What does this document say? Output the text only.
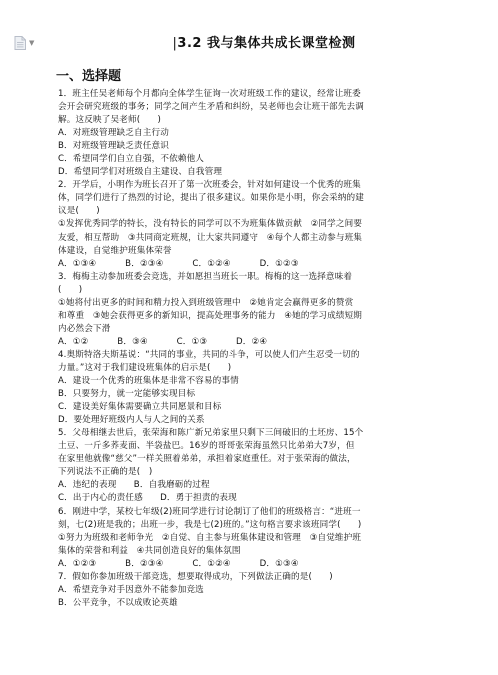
▼	|3.2 我与集体共成长课堂检测
一、选择题
1．班主任吴老师每个月都向全体学生征询一次对班级工作的建议，经常让班委
会开会研究班级的事务；同学之间产生矛盾和纠纷，吴老师也会让班干部先去调
解。这反映了吴老师(      )
A．对班级管理缺乏自主行动
B．对班级管理缺乏责任意识
C．希望同学们自立自强，不依赖他人
D．希望同学们对班级自主建设、自我管理
2．开学后，小明作为班长召开了第一次班委会，针对如何建设一个优秀的班集
体，同学们进行了热烈的讨论，提出了很多建议。如果你是小明，你会采纳的建
议是(      )
①发挥优秀同学的特长，没有特长的同学可以不为班集体做贡献   ②同学之间要
友爱，相互帮助   ③共同商定班规，让大家共同遵守   ④每个人都主动参与班集
体建设，自觉维护班集体荣誉
A．①③④          B．②③④          C．①②④          D．①②③
3．梅梅主动参加班委会竞选，并如愿担当班长一职。梅梅的这一选择意味着
(      )
①她将付出更多的时间和精力投入到班级管理中   ②她肯定会赢得更多的赞赏
和尊重   ③她会获得更多的新知识，提高处理事务的能力   ④她的学习成绩短期
内必然会下滑
A．①②          B．③④          C．①③          D．②④
4.奥斯特洛夫斯基说：“共同的事业，共同的斗争，可以使人们产生忍受一切的
力量。”这对于我们建设班集体的启示是(      )
A．建设一个优秀的班集体是非常不容易的事情
B．只要努力，就一定能够实现目标
C．建设美好集体需要确立共同愿景和目标
D．要处理好班级内人与人之间的关系
5．父母相继去世后，张荣海和陈广新兄弟家里只剩下三间破旧的土坯房、15个
土豆、一斤多荞麦面、半袋盐巴。16岁的哥哥张荣海虽然只比弟弟大7岁，但
在家里他就像“慈父”一样关照着弟弟，承担着家庭重任。对于张荣海的做法，
下列说法不正确的是(   )
A．违纪的表现      B．自我磨砺的过程
C．出于内心的责任感      D．勇于担责的表现
6．刚进中学，某校七年级(2)班同学进行讨论制订了他们的班级格言：“进班一
刻，七(2)班是我的；出班一步，我是七(2)班的。”这句格言要求该班同学(      )
①努力为班级和老师争光   ②自觉、自主参与班集体建设和管理   ③自觉维护班
集体的荣誉和利益   ④共同创造良好的集体氛围
A．①②③          B．②③④          C．①②④          D．①③④
7．假如你参加班级干部竞选，想要取得成功，下列做法正确的是(      )
A．希望竞争对手因意外不能参加竞选
B．公平竞争，不以成败论英雄
